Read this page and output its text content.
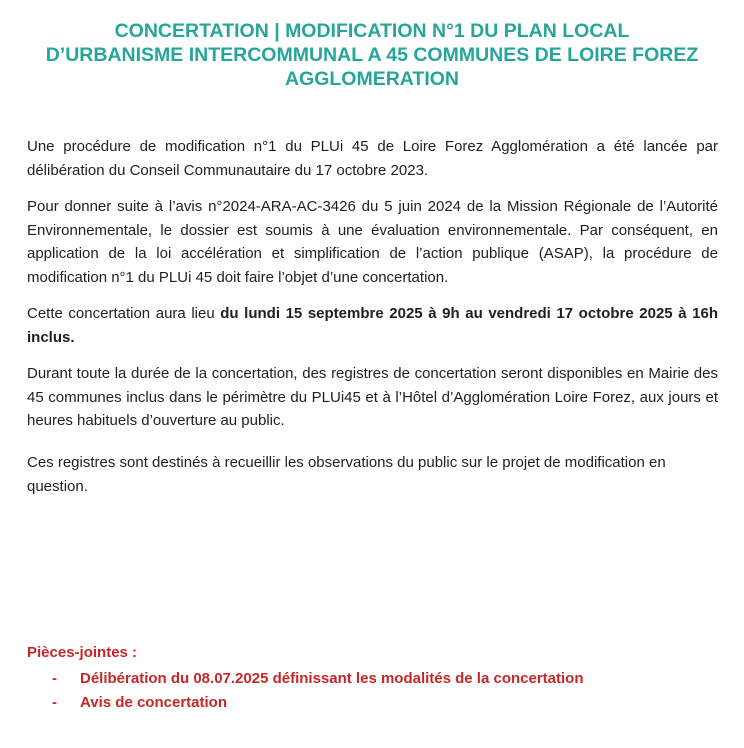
CONCERTATION | MODIFICATION N°1 DU PLAN LOCAL
D’URBANISME INTERCOMMUNAL A 45 COMMUNES DE LOIRE FOREZ
AGGLOMERATION

Une procédure de modification n°1 du PLUi 45 de Loire Forez Agglomération a été lancée par délibération du Conseil Communautaire du 17 octobre 2023.

Pour donner suite à l’avis n°2024-ARA-AC-3426 du 5 juin 2024 de la Mission Régionale de l’Autorité Environnementale, le dossier est soumis à une évaluation environnementale. Par conséquent, en application de la loi accélération et simplification de l’action publique (ASAP), la procédure de modification n°1 du PLUi 45 doit faire l’objet d’une concertation.

Cette concertation aura lieu du lundi 15 septembre 2025 à 9h au vendredi 17 octobre 2025 à 16h inclus.

Durant toute la durée de la concertation, des registres de concertation seront disponibles en Mairie des 45 communes inclus dans le périmètre du PLUi45 et à l’Hôtel d’Agglomération Loire Forez, aux jours et heures habituels d’ouverture au public.

Ces registres sont destinés à recueillir les observations du public sur le projet de modification en question.

Pièces-jointes :

-	Délibération du 08.07.2025 définissant les modalités de la concertation
-	Avis de concertation
